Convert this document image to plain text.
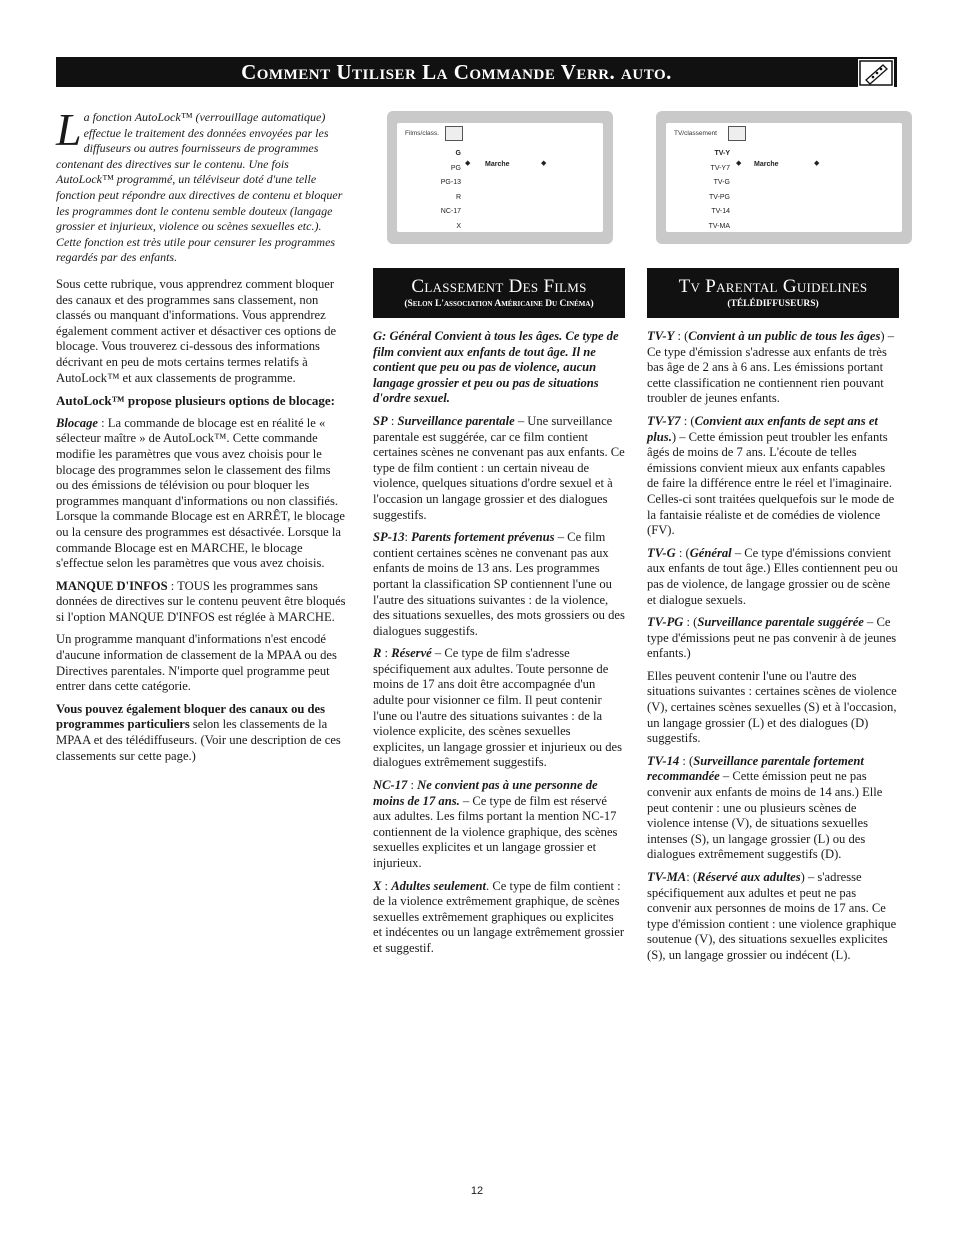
Comment Utiliser La Commande Verr. auto.
La fonction AutoLock™ (verrouillage automatique) effectue le traitement des données envoyées par les diffuseurs ou autres fournisseurs de programmes contenant des directives sur le contenu. Une fois AutoLock™ programmé, un téléviseur doté d'une telle fonction peut répondre aux directives de contenu et bloquer les programmes dont le contenu semble douteux (langage grossier et injurieux, violence ou scènes sexuelles etc.). Cette fonction est très utile pour censurer les programmes regardés par des enfants.

Sous cette rubrique, vous apprendrez comment bloquer des canaux et des programmes sans classement, non classés ou manquant d'informations. Vous apprendrez également comment activer et désactiver ces options de blocage. Vous trouverez ci-dessous des informations décrivant en peu de mots certains termes relatifs à AutoLock™ et aux classements de programme.

AutoLock™ propose plusieurs options de blocage:

Blocage : La commande de blocage est en réalité le « sélecteur maître » de AutoLock™. Cette commande modifie les paramètres que vous avez choisis pour le blocage des programmes selon le classement des films ou des émissions de télévision ou pour bloquer les programmes manquant d'informations ou non classifiés. Lorsque la commande Blocage est en ARRÊT, le blocage ou la censure des programmes est désactivée. Lorsque la commande Blocage est en MARCHE, le blocage s'effectue selon les paramètres que vous avez choisis.

MANQUE D'INFOS : TOUS les programmes sans données de directives sur le contenu peuvent être bloqués si l'option MANQUE D'INFOS est réglée à MARCHE.

Un programme manquant d'informations n'est encodé d'aucune information de classement de la MPAA ou des Directives parentales. N'importe quel programme peut entrer dans cette catégorie.

Vous pouvez également bloquer des canaux ou des programmes particuliers selon les classements de la MPAA et des télédiffuseurs. (Voir une description de ces classements sur cette page.)

Films/class.
G
PG
PG-13
R
NC-17
X
◆	◆
Marche
TV/classement
TV-Y
TV-Y7
TV-G
TV-PG
TV-14
TV-MA
◆	◆
Marche
Classement Des Films
(Selon L'association Américaine Du Cinéma)
Tv Parental Guidelines
(TÉLÉDIFFUSEURS)

G: Général Convient à tous les âges. Ce type de film convient aux enfants de tout âge. Il ne contient que peu ou pas de violence, aucun langage grossier et peu ou pas de situations d'ordre sexuel.

SP : Surveillance parentale – Une surveillance parentale est suggérée, car ce film contient certaines scènes ne convenant pas aux enfants. Ce type de film contient : un certain niveau de violence, quelques situations d'ordre sexuel et à l'occasion un langage grossier et des dialogues suggestifs.

SP-13: Parents fortement prévenus – Ce film contient certaines scènes ne convenant pas aux enfants de moins de 13 ans. Les programmes portant la classification SP contiennent l'une ou l'autre des situations suivantes : de la violence, des situations sexuelles, des mots grossiers ou des dialogues suggestifs.

R : Réservé – Ce type de film s'adresse spécifiquement aux adultes. Toute personne de moins de 17 ans doit être accompagnée d'un adulte pour visionner ce film. Il peut contenir l'une ou l'autre des situations suivantes : de la violence explicite, des scènes sexuelles explicites, un langage grossier et injurieux ou des dialogues extrêmement suggestifs.

NC-17 : Ne convient pas à une personne de moins de 17 ans. – Ce type de film est réservé aux adultes. Les films portant la mention NC-17 contiennent de la violence graphique, des scènes sexuelles explicites et un langage grossier et injurieux.

X : Adultes seulement. Ce type de film contient : de la violence extrêmement graphique, de scènes sexuelles extrêmement graphiques ou explicites et indécentes ou un langage extrêmement grossier et suggestif.

TV-Y : (Convient à un public de tous les âges) – Ce type d'émission s'adresse aux enfants de très bas âge de 2 ans à 6 ans. Les émissions portant cette classification ne contiennent rien pouvant troubler de jeunes enfants.

TV-Y7 : (Convient aux enfants de sept ans et plus.) – Cette émission peut troubler les enfants âgés de moins de 7 ans. L'écoute de telles émissions convient mieux aux enfants capables de faire la différence entre le réel et l'imaginaire. Celles-ci sont traitées quelquefois sur le mode de la fantaisie réaliste et de comédies de violence (FV).

TV-G : (Général – Ce type d'émissions convient aux enfants de tout âge.) Elles contiennent peu ou pas de violence, de langage grossier ou de scène et dialogue sexuels.

TV-PG : (Surveillance parentale suggérée – Ce type d'émissions peut ne pas convenir à de jeunes enfants.)

Elles peuvent contenir l'une ou l'autre des situations suivantes : certaines scènes de violence (V), certaines scènes sexuelles (S) et à l'occasion, un langage grossier (L) et des dialogues (D) suggestifs.

TV-14 : (Surveillance parentale fortement recommandée – Cette émission peut ne pas convenir aux enfants de moins de 14 ans.) Elle peut contenir : une ou plusieurs scènes de violence intense (V), de situations sexuelles intenses (S), un langage grossier (L) ou des dialogues extrêmement suggestifs (D).

TV-MA: (Réservé aux adultes) – s'adresse spécifiquement aux adultes et peut ne pas convenir aux personnes de moins de 17 ans. Ce type d'émission contient : une violence graphique soutenue (V), des situations sexuelles explicites (S), un langage grossier ou indécent (L).

12
